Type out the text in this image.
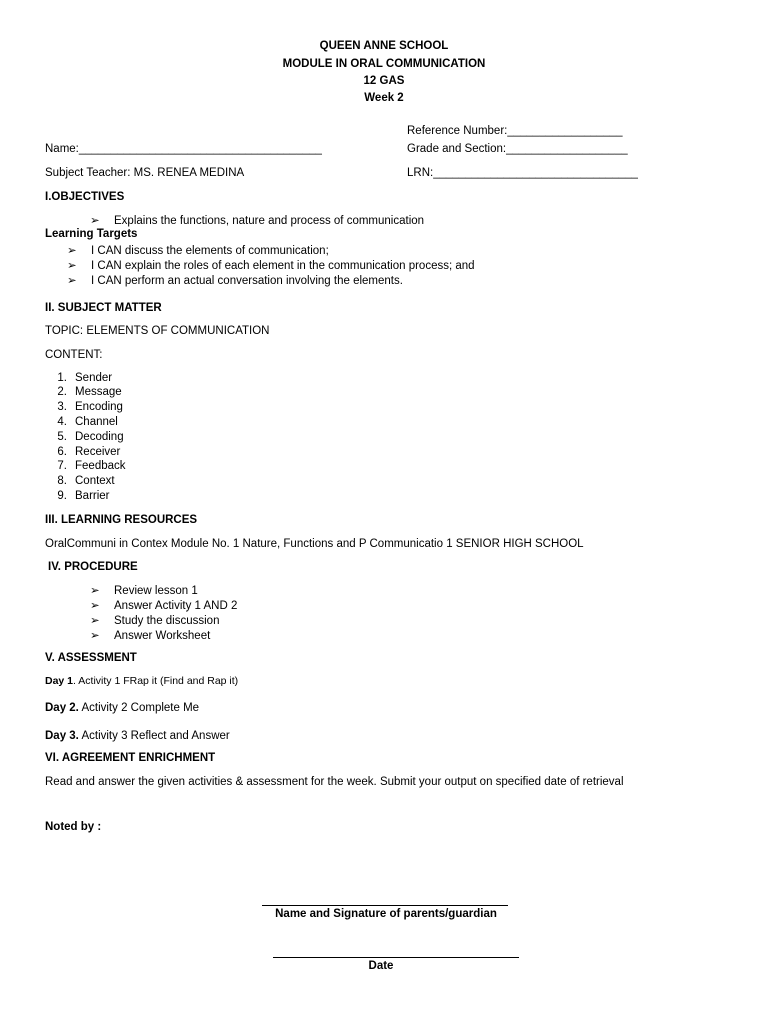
QUEEN ANNE SCHOOL
MODULE IN ORAL COMMUNICATION
12 GAS
Week 2
Reference Number:__________________
Name:______________________________________	Grade and Section:___________________
Subject Teacher: MS. RENEA MEDINA	LRN:________________________________
I.OBJECTIVES
➢ Explains the functions, nature and process of communication
Learning Targets
➢ I CAN discuss the elements of communication;
➢ I CAN explain the roles of each element in the communication process; and
➢ I CAN perform an actual conversation involving the elements.
II. SUBJECT MATTER
TOPIC: ELEMENTS OF COMMUNICATION
CONTENT:
1. Sender
2. Message
3. Encoding
4. Channel
5. Decoding
6. Receiver
7. Feedback
8. Context
9. Barrier
III. LEARNING RESOURCES
OralCommuni in Contex Module No. 1 Nature, Functions and P Communicatio 1 SENIOR HIGH SCHOOL
IV. PROCEDURE
➢ Review lesson 1
➢ Answer Activity 1 AND 2
➢ Study the discussion
➢ Answer Worksheet
V. ASSESSMENT
Day 1. Activity 1 FRap it (Find and Rap it)
Day 2. Activity 2 Complete Me
Day 3. Activity 3 Reflect and Answer
VI. AGREEMENT ENRICHMENT
Read and answer the given activities & assessment for the week. Submit your output on specified date of retrieval
Noted by :
Name and Signature of parents/guardian
Date
